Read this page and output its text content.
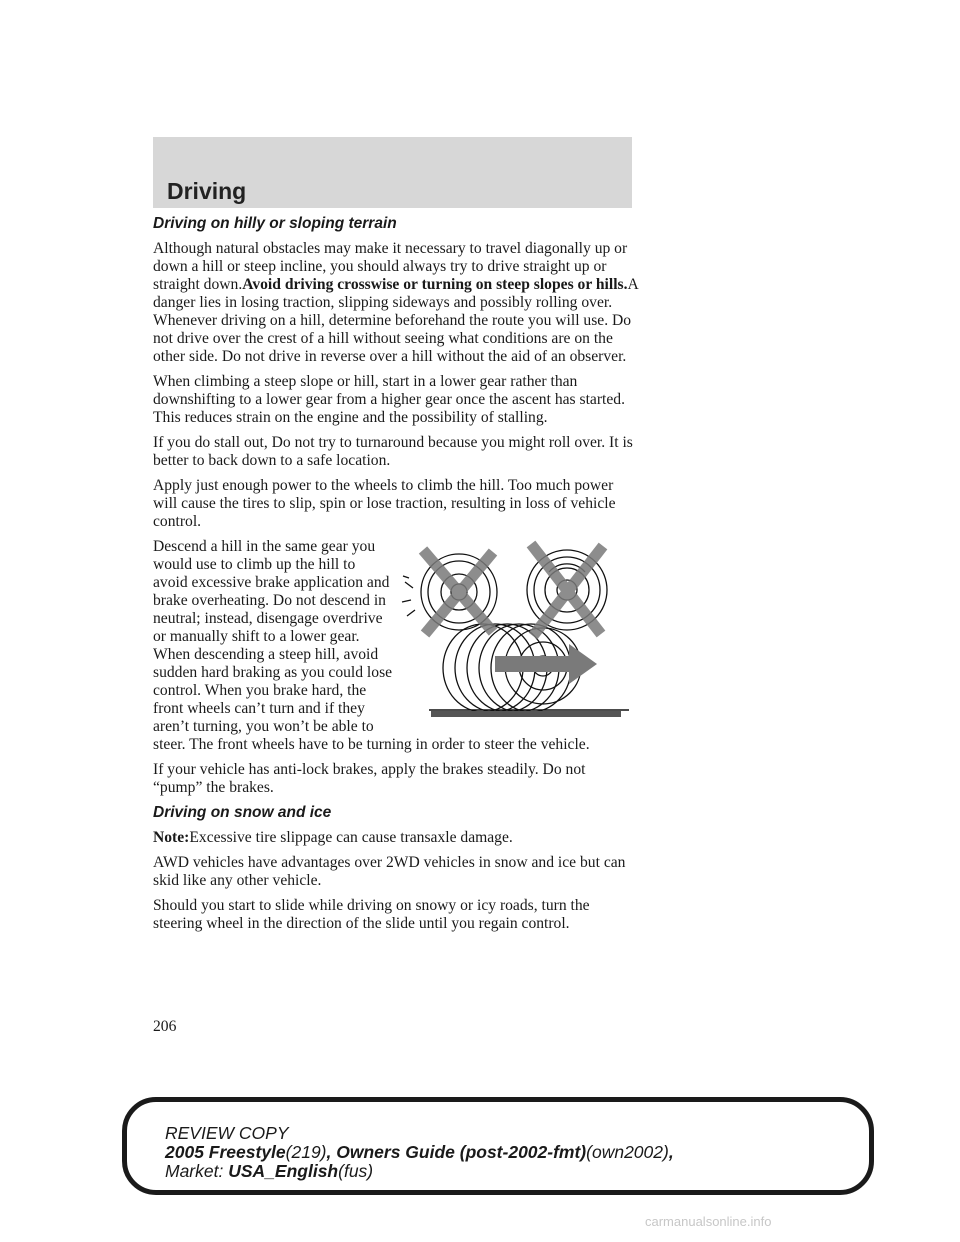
Driving

Driving on hilly or sloping terrain

Although natural obstacles may make it necessary to travel diagonally up or down a hill or steep incline, you should always try to drive straight up or straight down.Avoid driving crosswise or turning on steep slopes or hills.A danger lies in losing traction, slipping sideways and possibly rolling over. Whenever driving on a hill, determine beforehand the route you will use. Do not drive over the crest of a hill without seeing what conditions are on the other side. Do not drive in reverse over a hill without the aid of an observer.

When climbing a steep slope or hill, start in a lower gear rather than downshifting to a lower gear from a higher gear once the ascent has started. This reduces strain on the engine and the possibility of stalling.

If you do stall out, Do not try to turnaround because you might roll over. It is better to back down to a safe location.

Apply just enough power to the wheels to climb the hill. Too much power will cause the tires to slip, spin or lose traction, resulting in loss of vehicle control.

Descend a hill in the same gear you would use to climb up the hill to avoid excessive brake application and brake overheating. Do not descend in neutral; instead, disengage overdrive or manually shift to a lower gear. When descending a steep hill, avoid sudden hard braking as you could lose control. When you brake hard, the front wheels can’t turn and if they aren’t turning, you won’t be able to steer. The front wheels have to be turning in order to steer the vehicle.

If your vehicle has anti-lock brakes, apply the brakes steadily. Do not “pump” the brakes.

Driving on snow and ice

Note:Excessive tire slippage can cause transaxle damage.

AWD vehicles have advantages over 2WD vehicles in snow and ice but can skid like any other vehicle.

Should you start to slide while driving on snowy or icy roads, turn the steering wheel in the direction of the slide until you regain control.

206
REVIEW COPY
2005 Freestyle(219), Owners Guide (post-2002-fmt)(own2002),
Market: USA_English(fus)
carmanualsonline.info
